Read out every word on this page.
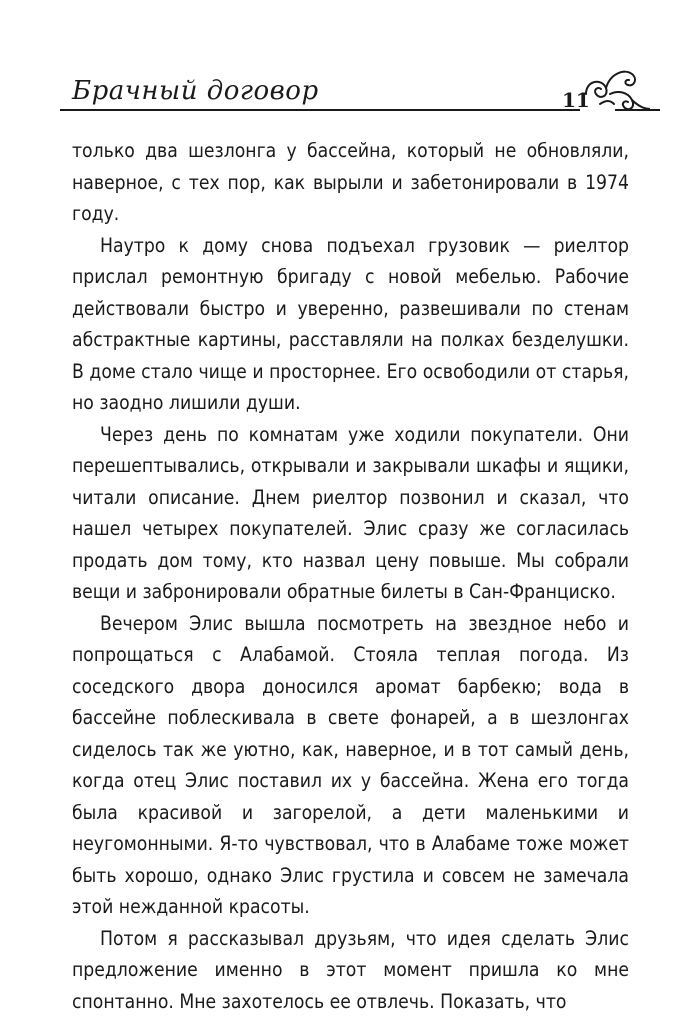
Брачный договор	11

только два шезлонга у бассейна, который не обновляли, наверное, с тех пор, как вырыли и забетонировали в 1974 году.

Наутро к дому снова подъехал грузовик — риелтор прислал ремонтную бригаду с новой мебелью. Рабочие действовали быстро и уверенно, развешивали по стенам абстрактные картины, расставляли на полках безделушки. В доме стало чище и просторнее. Его освободили от старья, но заодно лишили души.

Через день по комнатам уже ходили покупатели. Они перешептывались, открывали и закрывали шкафы и ящики, читали описание. Днем риелтор позвонил и сказал, что нашел четырех покупателей. Элис сразу же согласилась продать дом тому, кто назвал цену повыше. Мы собрали вещи и забронировали обратные билеты в Сан-Франциско.

Вечером Элис вышла посмотреть на звездное небо и попрощаться с Алабамой. Стояла теплая погода. Из соседского двора доносился аромат барбекю; вода в бассейне поблескивала в свете фонарей, а в шезлонгах сиделось так же уютно, как, наверное, и в тот самый день, когда отец Элис поставил их у бассейна. Жена его тогда была красивой и загорелой, а дети маленькими и неугомонными. Я-то чувствовал, что в Алабаме тоже может быть хорошо, однако Элис грустила и совсем не замечала этой нежданной красоты.

Потом я рассказывал друзьям, что идея сделать Элис предложение именно в этот момент пришла ко мне спонтанно. Мне захотелось ее отвлечь. Показать, что
